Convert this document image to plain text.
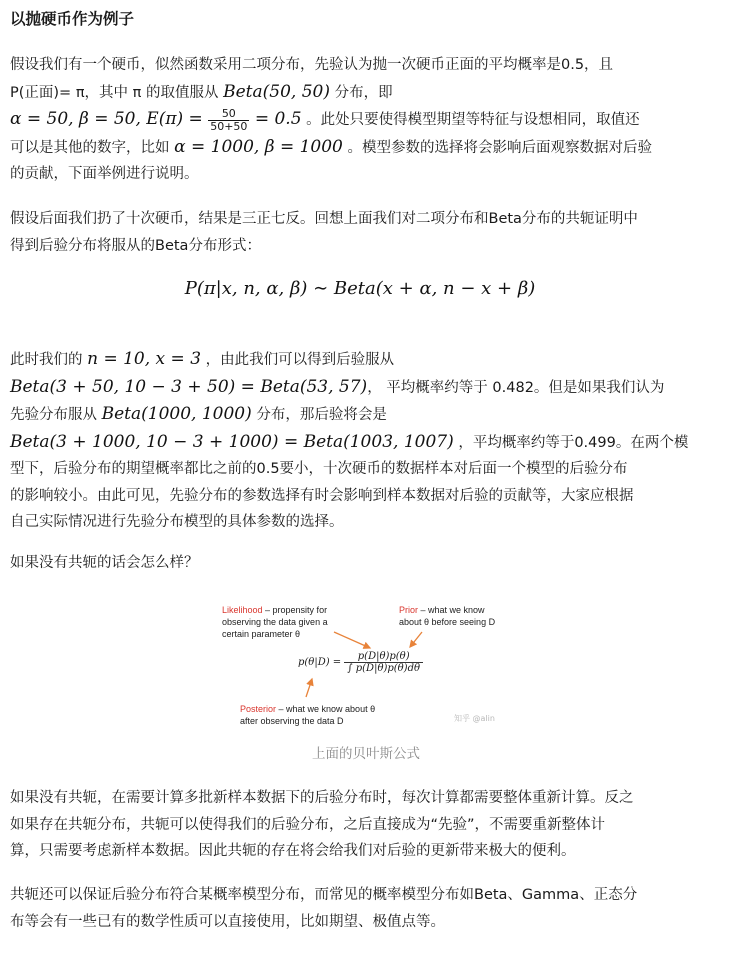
以抛硬币作为例子
假设我们有一个硬币，似然函数采用二项分布，先验认为抛一次硬币正面的平均概率是0.5，且
P(正面)= π，其中 π 的取值服从 Beta(50, 50) 分布，即
α = 50, β = 50, $E(\pi) = \frac{50}{50+50} = 0.5$ 。此处只要使得模型期望等特征与设想相同，取值还
可以是其他的数字，比如 α = 1000, β = 1000 。模型参数的选择将会影响后面观察数据对后验
的贡献，下面举例进行说明。
假设后面我们扔了十次硬币，结果是三正七反。回想上面我们对二项分布和Beta分布的共轭证明中
得到后验分布将服从的Beta分布形式：
P(π|x, n, α, β) ∼ Beta(x + α, n − x + β)
此时我们的 n = 10, x = 3 ，由此我们可以得到后验服从
Beta(3 + 50, 10 − 3 + 50) = Beta(53, 57)， 平均概率约等于 0.482。但是如果我们认为
先验分布服从 Beta(1000, 1000) 分布，那后验将会是
Beta(3 + 1000, 10 − 3 + 1000) = Beta(1003, 1007) ，平均概率约等于0.499。在两个模
型下，后验分布的期望概率都比之前的0.5要小，十次硬币的数据样本对后面一个模型的后验分布
的影响较小。由此可见，先验分布的参数选择有时会影响到样本数据对后验的贡献等，大家应根据
自己实际情况进行先验分布模型的具体参数的选择。
如果没有共轭的话会怎么样？
Likelihood – propensity for
observing the data given a
certain parameter θ
Prior – what we know
about θ before seeing D
$p(\theta|D) = \frac{p(D|\theta)p(\theta)}{\int p(D|\theta)p(\theta)d\theta}$
Posterior – what we know about θ
after observing the data D	知乎 @alin
上面的贝叶斯公式
如果没有共轭，在需要计算多批新样本数据下的后验分布时，每次计算都需要整体重新计算。反之
如果存在共轭分布，共轭可以使得我们的后验分布，之后直接成为“先验”，不需要重新整体计
算，只需要考虑新样本数据。因此共轭的存在将会给我们对后验的更新带来极大的便利。
共轭还可以保证后验分布符合某概率模型分布，而常见的概率模型分布如Beta、Gamma、正态分
布等会有一些已有的数学性质可以直接使用，比如期望、极值点等。
